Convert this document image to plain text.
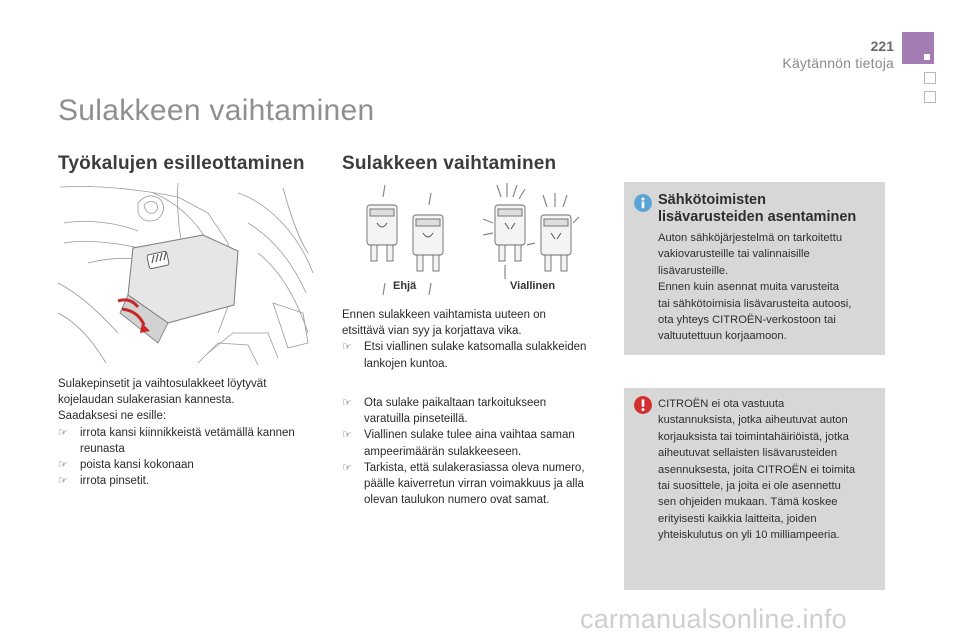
221
Käytännön tietoja
Sulakkeen vaihtaminen
Työkalujen esilleottaminen

Sulakepinsetit ja vaihtosulakkeet löytyvät

kojelaudan sulakerasian kannesta.

Saadaksesi ne esille:

☞ irrota kansi kiinnikkeistä vetämällä kannen

reunasta

☞ poista kansi kokonaan

☞ irrota pinsetit.

Sulakkeen vaihtaminen
Ehjä	Viallinen

Ennen sulakkeen vaihtamista uuteen on

etsittävä vian syy ja korjattava vika.

☞ Etsi viallinen sulake katsomalla sulakkeiden

lankojen kuntoa.

☞ Ota sulake paikaltaan tarkoitukseen

varatuilla pinseteillä.

☞ Viallinen sulake tulee aina vaihtaa saman

ampeerimäärän sulakkeeseen.

☞ Tarkista, että sulakerasiassa oleva numero,

päälle kaiverretun virran voimakkuus ja alla

olevan taulukon numero ovat samat.

Sähkötoimisten
lisävarusteiden asentaminen
Auton sähköjärjestelmä on tarkoitettu
vakiovarusteille tai valinnaisille
lisävarusteille.
Ennen kuin asennat muita varusteita
tai sähkötoimisia lisävarusteita autoosi,
ota yhteys CITROËN-verkostoon tai
valtuutettuun korjaamoon.
CITROËN ei ota vastuuta
kustannuksista, jotka aiheutuvat auton
korjauksista tai toimintahäiriöistä, jotka
aiheutuvat sellaisten lisävarusteiden
asennuksesta, joita CITROËN ei toimita
tai suosittele, ja joita ei ole asennettu
sen ohjeiden mukaan. Tämä koskee
erityisesti kaikkia laitteita, joiden
yhteiskulutus on yli 10 milliampeeria.
carmanualsonline.info
